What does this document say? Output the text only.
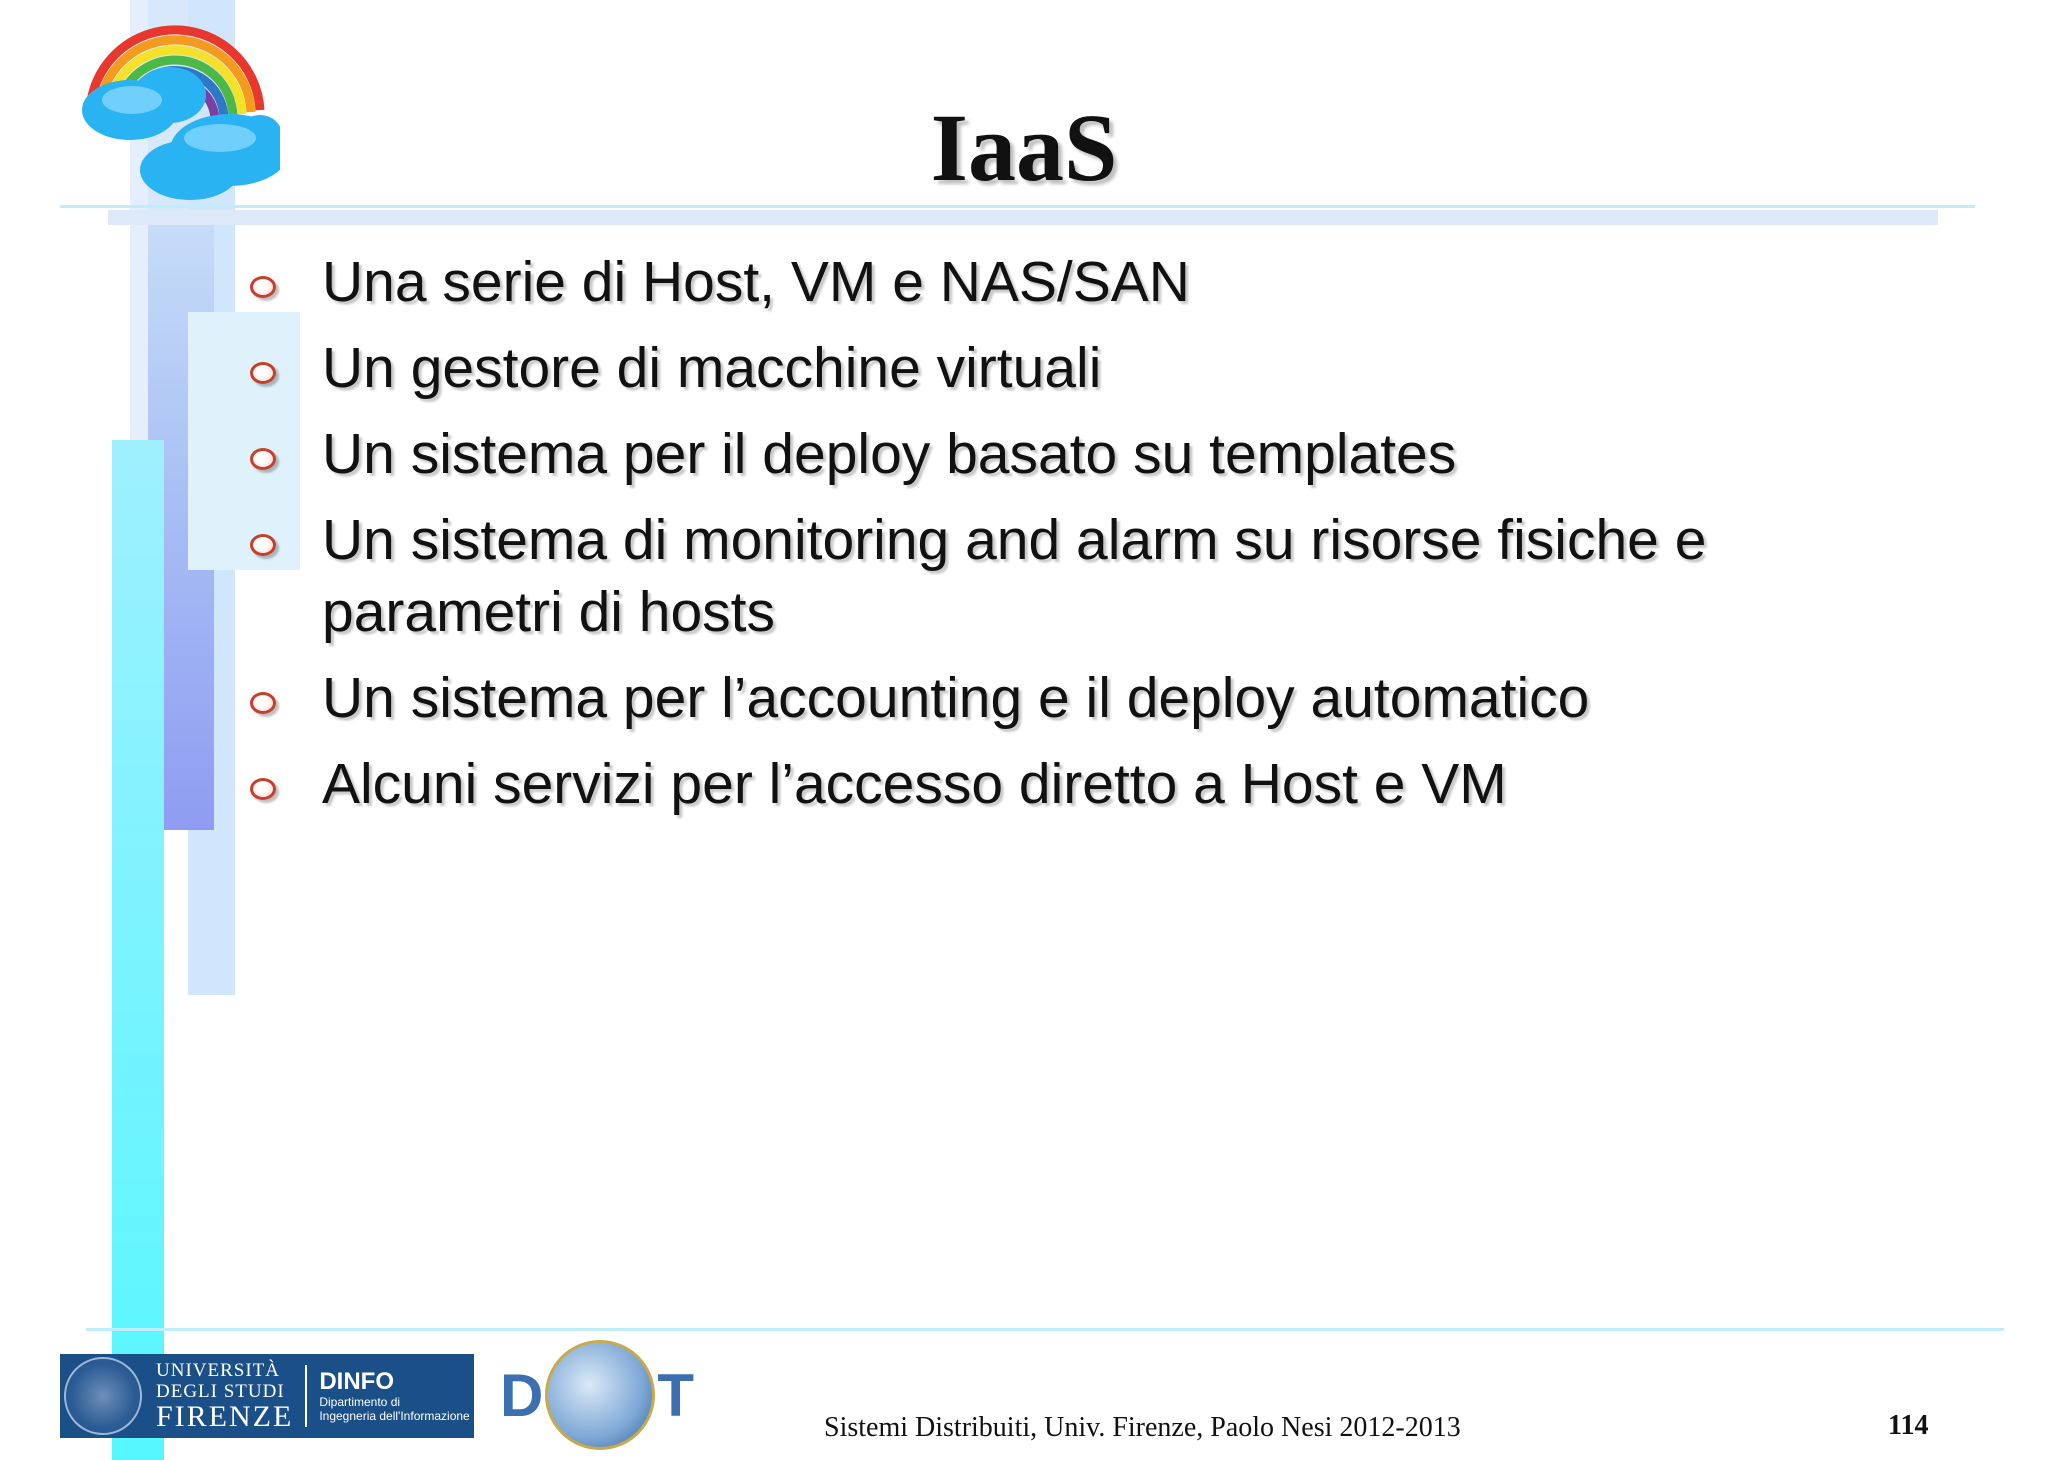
IaaS
Una serie di Host, VM e NAS/SAN
Un gestore di macchine virtuali
Un sistema per il deploy basato su templates
Un sistema di monitoring and alarm su risorse fisiche e parametri di hosts
Un sistema per l’accounting e il deploy automatico
Alcuni servizi per l’accesso diretto a Host e VM
UNIVERSITÀ
DEGLI STUDI
FIRENZE
DINFO
Dipartimento di
Ingegneria dell'Informazione D T	Sistemi Distribuiti, Univ. Firenze, Paolo Nesi 2012-2013	114
